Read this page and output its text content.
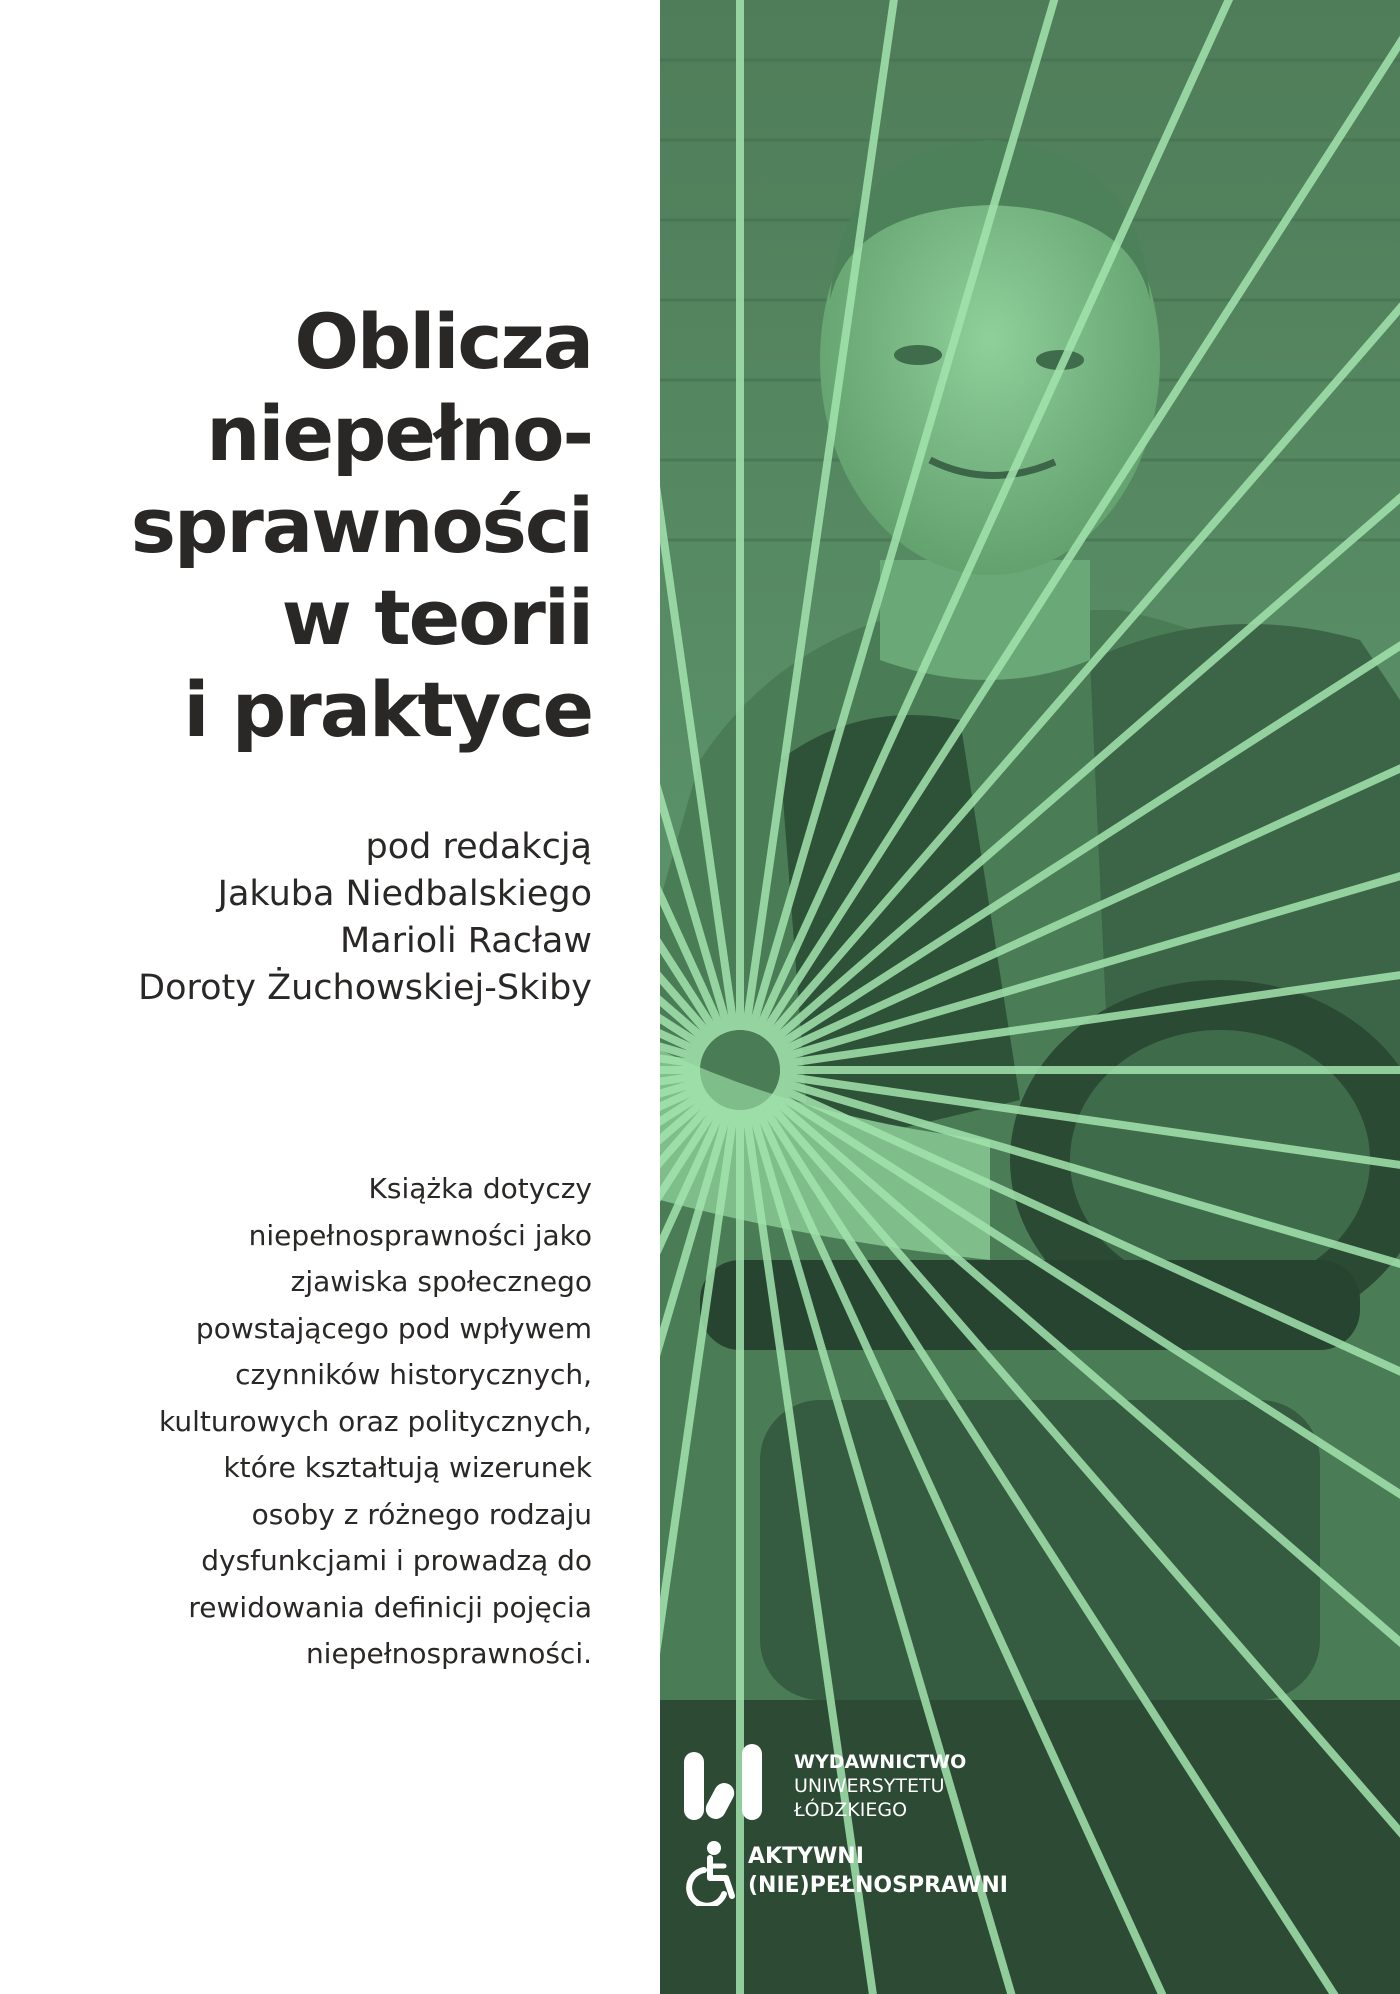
Oblicza
niepełno-
sprawności
w teorii
i praktyce
pod redakcją
Jakuba Niedbalskiego
Marioli Racław
Doroty Żuchowskiej-Skiby
Książka dotyczy
niepełnosprawności jako
zjawiska społecznego
powstającego pod wpływem
czynników historycznych,
kulturowych oraz politycznych,
które kształtują wizerunek
osoby z różnego rodzaju
dysfunkcjami i prowadzą do
rewidowania definicji pojęcia
niepełnosprawności.
WYDAWNICTWO
UNIWERSYTETU
ŁÓDZKIEGO
AKTYWNI
(NIE)PEŁNOSPRAWNI
